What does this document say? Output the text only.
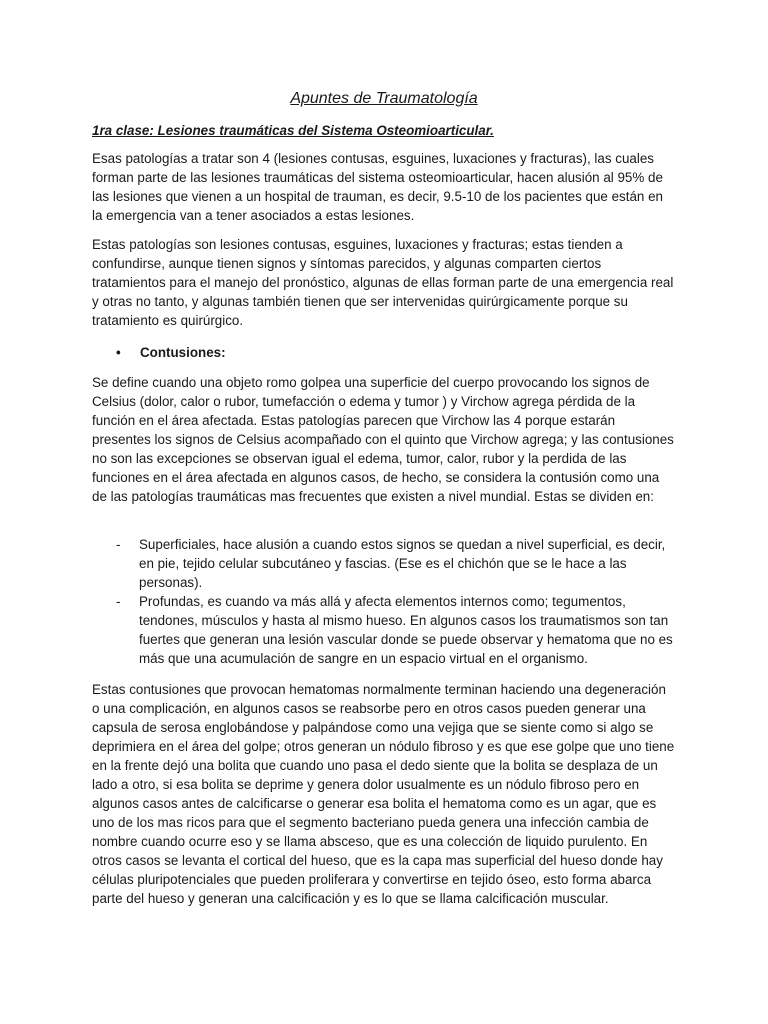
Apuntes de Traumatología
1ra clase: Lesiones traumáticas del Sistema Osteomioarticular.

Esas patologías a tratar son 4 (lesiones contusas, esguines, luxaciones y fracturas), las cuales forman parte de las lesiones traumáticas del sistema osteomioarticular, hacen alusión al 95% de las lesiones que vienen a un hospital de trauman, es decir, 9.5-10 de los pacientes que están en la emergencia van a tener asociados a estas lesiones.

Estas patologías son lesiones contusas, esguines, luxaciones y fracturas; estas tienden a confundirse, aunque tienen signos y síntomas parecidos, y algunas comparten ciertos tratamientos para el manejo del pronóstico, algunas de ellas forman parte de una emergencia real y otras no tanto, y algunas también tienen que ser intervenidas quirúrgicamente porque su tratamiento es quirúrgico.

• Contusiones:

Se define cuando una objeto romo golpea una superficie del cuerpo provocando los signos de Celsius (dolor, calor o rubor, tumefacción o edema y tumor ) y Virchow agrega pérdida de la función en el área afectada. Estas patologías parecen que Virchow las 4 porque estarán presentes los signos de Celsius acompañado con el quinto que Virchow agrega; y las contusiones no son las excepciones se observan igual el edema, tumor, calor, rubor y la perdida de las funciones en el área afectada en algunos casos, de hecho, se considera la contusión como una de las patologías traumáticas mas frecuentes que existen a nivel mundial. Estas se dividen en:

- Superficiales, hace alusión a cuando estos signos se quedan a nivel superficial, es decir, en pie, tejido celular subcutáneo y fascias. (Ese es el chichón que se le hace a las personas).
- Profundas, es cuando va más allá y afecta elementos internos como; tegumentos, tendones, músculos y hasta al mismo hueso. En algunos casos los traumatismos son tan fuertes que generan una lesión vascular donde se puede observar y hematoma que no es más que una acumulación de sangre en un espacio virtual en el organismo.

Estas contusiones que provocan hematomas normalmente terminan haciendo una degeneración o una complicación, en algunos casos se reabsorbe pero en otros casos pueden generar una capsula de serosa englobándose y palpándose como una vejiga que se siente como si algo se deprimiera en el área del golpe; otros generan un nódulo fibroso y es que ese golpe que uno tiene en la frente dejó una bolita que cuando uno pasa el dedo siente que la bolita se desplaza de un lado a otro, si esa bolita se deprime y genera dolor usualmente es un nódulo fibroso pero en algunos casos antes de calcificarse o generar esa bolita el hematoma como es un agar, que es uno de los mas ricos para que el segmento bacteriano pueda genera una infección cambia de nombre cuando ocurre eso y se llama absceso, que es una colección de liquido purulento. En otros casos se levanta el cortical del hueso, que es la capa mas superficial del hueso donde hay células pluripotenciales que pueden proliferara y convertirse en tejido óseo, esto forma abarca parte del hueso y generan una calcificación y es lo que se llama calcificación muscular.
